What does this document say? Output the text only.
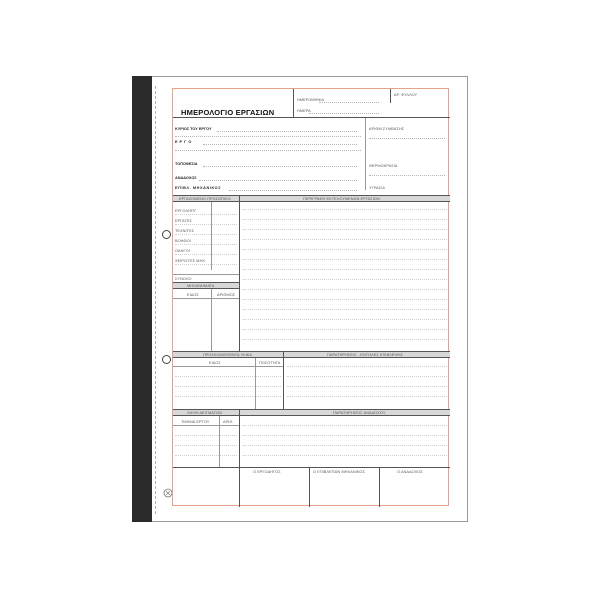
ΗΜΕΡΟΛΟΓΙΟ ΕΡΓΑΣΙΩΝ
ΗΜΕΡΟΜΗΝΙΑ
ΗΜΕΡΑ
ΑΡ. ΦΥΛΛΟΥ
ΚΥΡΙΟΣ ΤΟΥ ΕΡΓΟΥ
ΕΡΓΟ
ΤΟΠΟΘΕΣΙΑ
ΑΝΑΔΟΧΟΣ
ΕΠΙΒΛ. ΜΗΧΑΝΙΚΟΣ
ΑΡΙΘΜ.ΣΥΜΒΑΣΗΣ
ΘΕΡΜΟΚΡΑΣΙΑ
ΥΓΡΑΣΙΑ
ΕΡΓΑΖΟΜΕΝΟ ΠΡΟΣΩΠΙΚΟ	ΠΕΡΙΓΡΑΦΗ ΕΚΤΕΛΟΥΜΕΝΩΝ ΕΡΓΑΣΙΩΝ
ΕΡΓΟΛΗΠΤ
ΕΡΓΑΤΕΣ
ΤΕΧΝΙΤΕΣ
ΒΟΗΘΟΙ
ΟΔΗΓΟΙ
ΧΕΙΡΙΣΤΕΣ ΜΗΧ.
ΣΥΝΟΛΟ
ΜΗΧΑΝΗΜΑΤΑ
ΕΙΔΟΣ	ΑΡΙΘΜΟΣ
ΠΡΟΣΚΟΜΙΣΘΕΝΤΑ ΥΛΙΚΑ	ΠΑΡΑΤΗΡΗΣΕΙΣ - ΕΝΤΟΛΕΣ ΕΠΙΒΛΕΨΗΣ
ΕΙΔΟΣ	ΠΟΣΟΤΗΤΑ
ΛΗΨΗ ΔΕΙΓΜΑΤΩΝ	ΠΑΡΑΤΗΡΗΣΕΙΣ ΑΝΑΔΟΧΟΥ
ΤΜΗΜΑ ΕΡΓΟΥ	ΑΡΙΘ.
Ο ΕΡΓΟΔΗΓΟΣ	Ο ΕΠΙΒΛΕΠΩΝ ΜΗΧΑΝΙΚΟΣ	Ο ΑΝΑΔΟΧΟΣ
